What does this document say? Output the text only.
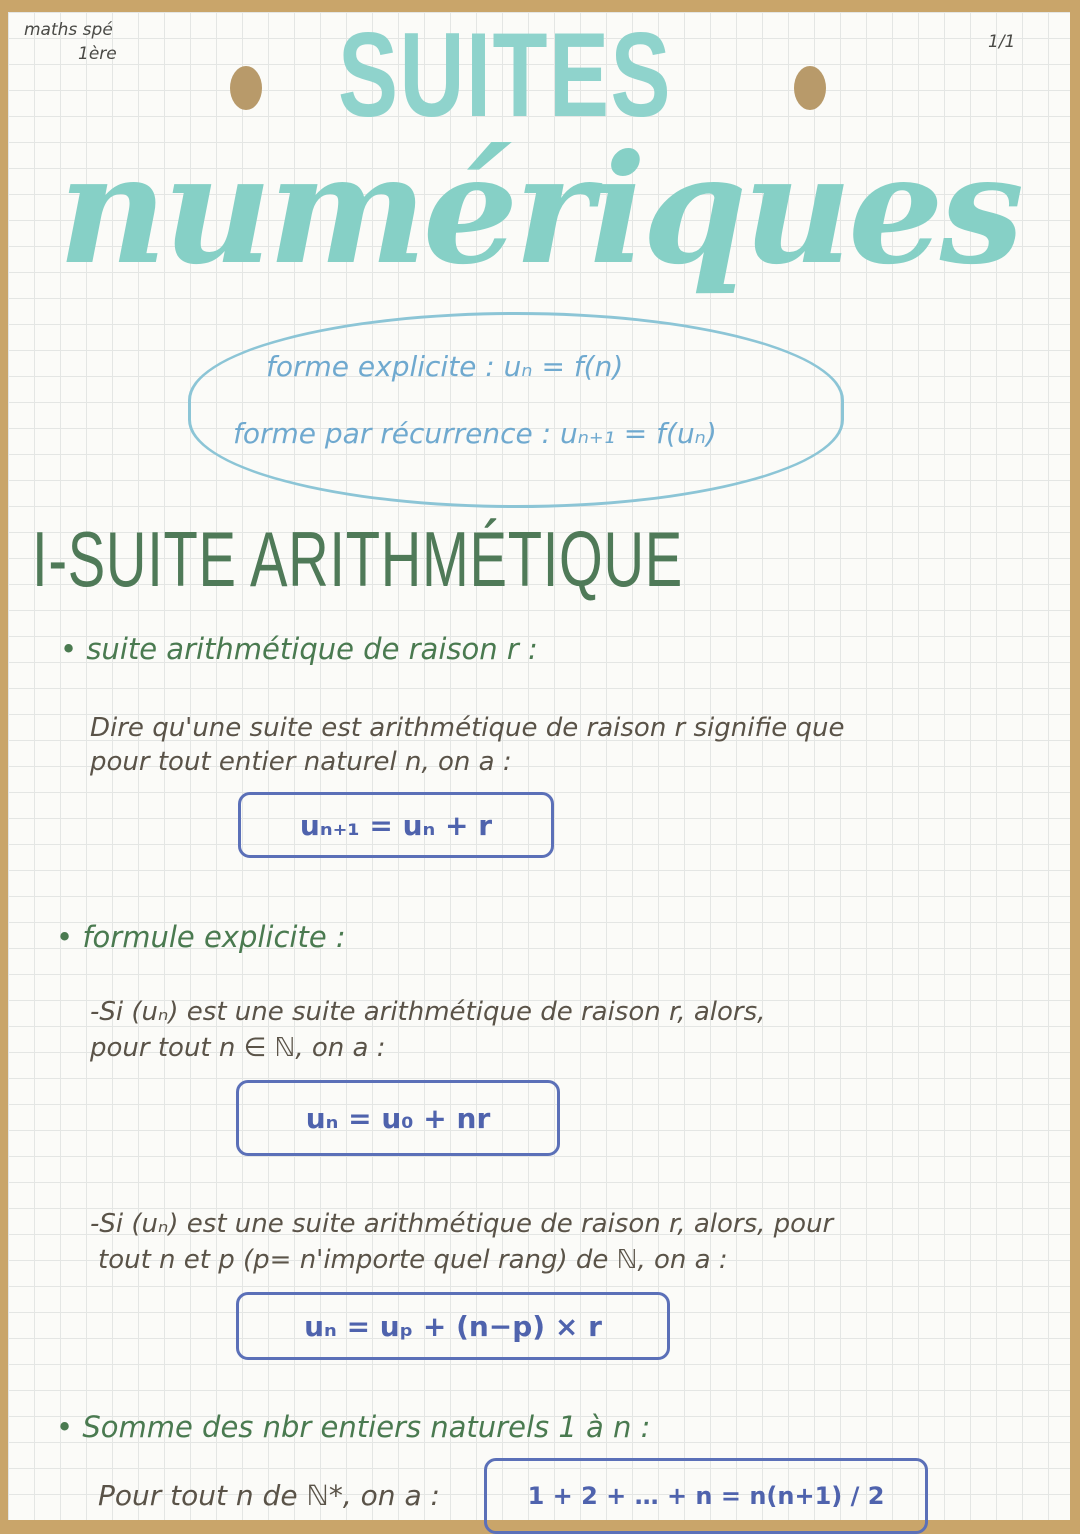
maths spé
1ère
1/1
SUITES
numériques
forme explicite : uₙ = f(n)
forme par récurrence : uₙ₊₁ = f(uₙ)
I-SUITE ARITHMÉTIQUE
• suite arithmétique de raison r :
Dire qu'une suite est arithmétique de raison r signifie que
pour tout entier naturel n, on a :
uₙ₊₁ = uₙ + r
• formule explicite :
-Si (uₙ) est une suite arithmétique de raison r, alors,
pour tout n ∈ ℕ, on a :
uₙ = u₀ + nr
-Si (uₙ) est une suite arithmétique de raison r, alors, pour
tout n et p (p= n'importe quel rang) de ℕ, on a :
uₙ = uₚ + (n−p) × r
• Somme des nbr entiers naturels 1 à n :
Pour tout n de ℕ*, on a :	1 + 2 + … + n = n(n+1) / 2
